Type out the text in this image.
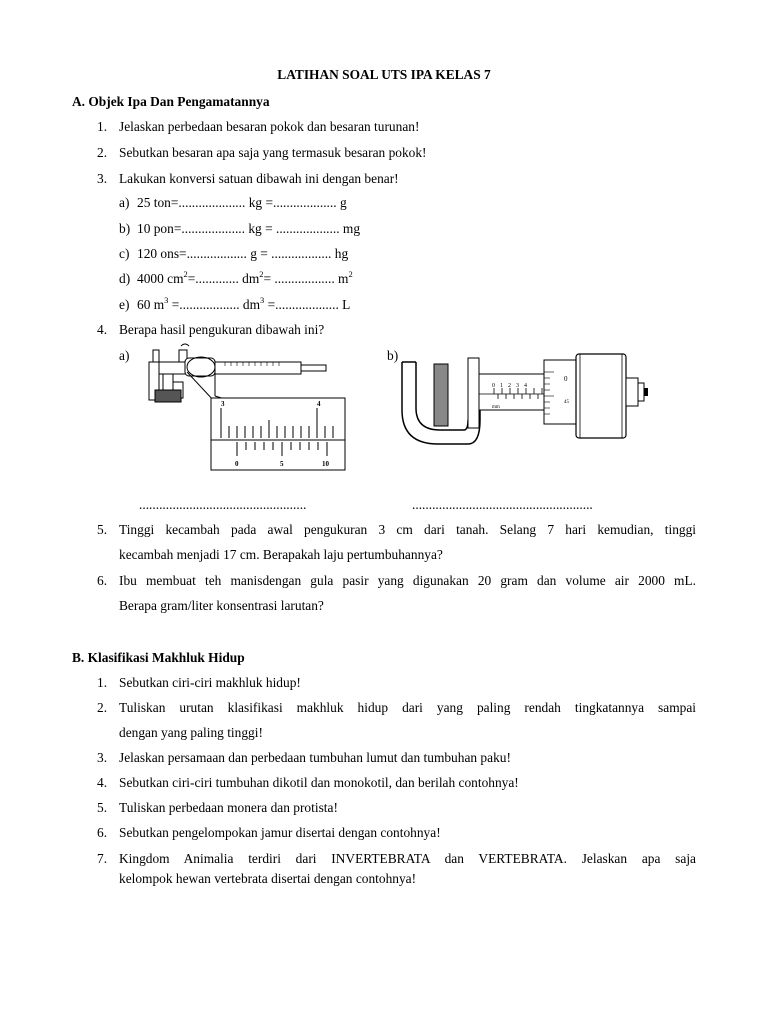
LATIHAN SOAL UTS IPA KELAS 7
A. Objek Ipa Dan Pengamatannya
1. Jelaskan perbedaan besaran pokok dan besaran turunan!
2. Sebutkan besaran apa saja yang termasuk besaran pokok!
3. Lakukan konversi satuan dibawah ini dengan benar!
a) 25 ton=.................... kg =................... g
b) 10 pon=................... kg = ................... mg
c) 120 ons=.................. g = .................. hg
d) 4000 $cm^2=$............. $dm^2=$ .................. $m^2$
e) 60 $m^3$ =.................. $dm^3$ =................... L
4. Berapa hasil pengukuran dibawah ini?
a)	b)
3	4
0	5	10
0 1 2 3 4
mm
0
45
..................................................	......................................................
5. Tinggi kecambah pada awal pengukuran 3 cm dari tanah. Selang 7 hari kemudian, tinggi
kecambah menjadi 17 cm. Berapakah laju pertumbuhannya?
6. Ibu membuat teh manisdengan gula pasir yang digunakan 20 gram dan volume air 2000 mL.
Berapa gram/liter konsentrasi larutan?
B. Klasifikasi Makhluk Hidup
1. Sebutkan ciri-ciri makhluk hidup!
2. Tuliskan urutan klasifikasi makhluk hidup dari yang paling rendah tingkatannya sampai
dengan yang paling tinggi!
3. Jelaskan persamaan dan perbedaan tumbuhan lumut dan tumbuhan paku!
4. Sebutkan ciri-ciri tumbuhan dikotil dan monokotil, dan berilah contohnya!
5. Tuliskan perbedaan monera dan protista!
6. Sebutkan pengelompokan jamur disertai dengan contohnya!
7. Kingdom Animalia terdiri dari INVERTEBRATA dan VERTEBRATA. Jelaskan apa saja
kelompok hewan vertebrata disertai dengan contohnya!
